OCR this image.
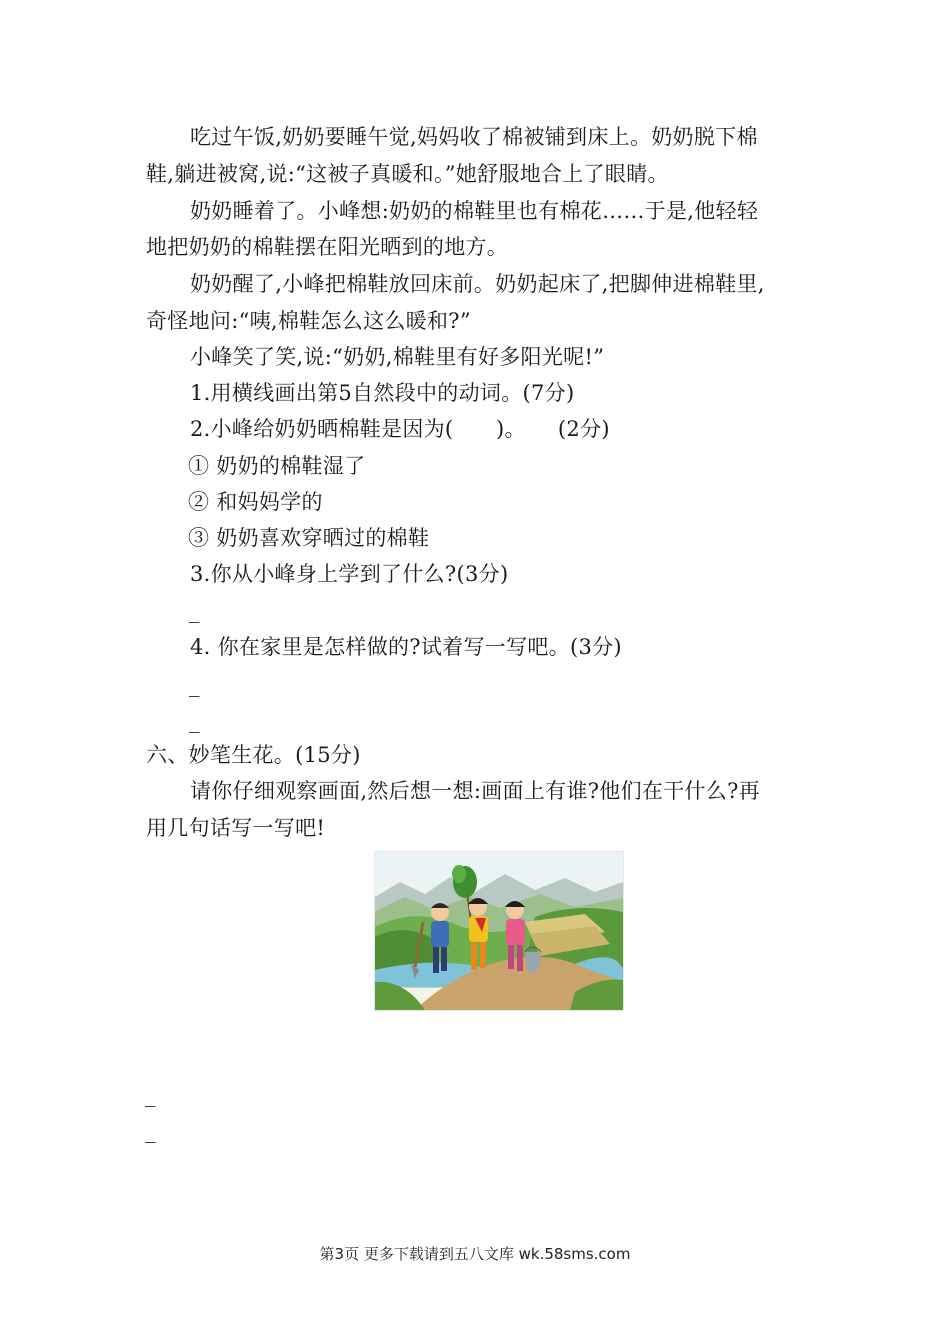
吃过午饭,奶奶要睡午觉,妈妈收了棉被铺到床上。奶奶脱下棉
鞋,躺进被窝,说:“这被子真暖和。”她舒服地合上了眼睛。
奶奶睡着了。小峰想:奶奶的棉鞋里也有棉花……于是,他轻轻
地把奶奶的棉鞋摆在阳光晒到的地方。
奶奶醒了,小峰把棉鞋放回床前。奶奶起床了,把脚伸进棉鞋里,
奇怪地问:“咦,棉鞋怎么这么暖和?”
小峰笑了笑,说:“奶奶,棉鞋里有好多阳光呢!”
1.用横线画出第5自然段中的动词。(7分)
2.小峰给奶奶晒棉鞋是因为(　　)。　　(2分)
① 奶奶的棉鞋湿了
② 和妈妈学的
③ 奶奶喜欢穿晒过的棉鞋
3.你从小峰身上学到了什么?(3分)
_
4. 你在家里是怎样做的?试着写一写吧。(3分)
_
_
六、妙笔生花。(15分)
请你仔细观察画面,然后想一想:画面上有谁?他们在干什么?再
用几句话写一写吧!
_
_
第3页 更多下载请到五八文库 wk.58sms.com
